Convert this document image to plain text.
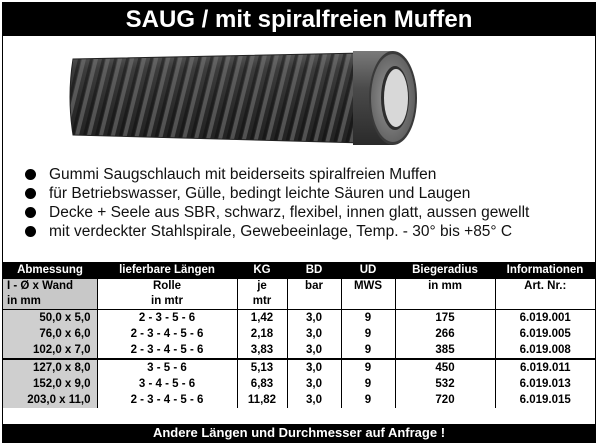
SAUG / mit spiralfreien Muffen
Gummi Saugschlauch mit beiderseits spiralfreien Muffen
für Betriebswasser, Gülle, bedingt leichte Säuren und Laugen
Decke + Seele aus SBR, schwarz, flexibel, innen glatt, aussen gewellt
mit verdeckter Stahlspirale, Gewebeeinlage, Temp. - 30° bis +85° C
Abmessung	lieferbare Längen	KG	BD	UD	Biegeradius	Informationen
I - Ø x Wand	Rolle	je	bar	MWS	in mm	Art. Nr.:
in mm	in mtr	mtr				
50,0 x 5,0	2 - 3 - 5 - 6	1,42	3,0	9	175	6.019.001
76,0 x 6,0	2 - 3 - 4 - 5 - 6	2,18	3,0	9	266	6.019.005
102,0 x 7,0	2 - 3 - 4 - 5 - 6	3,83	3,0	9	385	6.019.008
127,0 x 8,0	3 - 5 - 6	5,13	3,0	9	450	6.019.011
152,0 x 9,0	3 - 4 - 5 - 6	6,83	3,0	9	532	6.019.013
203,0 x 11,0	2 - 3 - 4 - 5 - 6	11,82	3,0	9	720	6.019.015
Andere Längen und Durchmesser auf Anfrage !
